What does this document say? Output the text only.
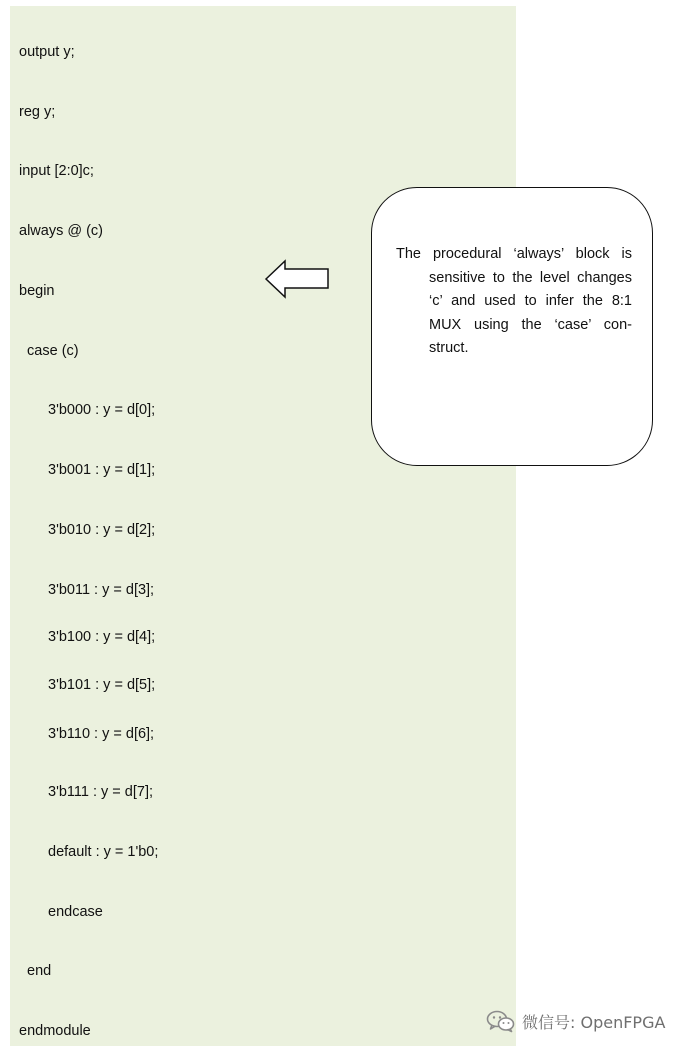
output y;
reg y;
input [2:0]c;
always @ (c)
begin
case (c)
3'b000 : y = d[0];
3'b001 : y = d[1];
3'b010 : y = d[2];
3'b011 : y = d[3];
3'b100 : y = d[4];
3'b101 : y = d[5];
3'b110 : y = d[6];
3'b111 : y = d[7];
default : y = 1'b0;
endcase
end
endmodule
The procedural ‘always’ block is sensitive to the level changes ‘c’ and used to infer the 8:1 MUX using the ‘case’ con-struct.
微信号: OpenFPGA
